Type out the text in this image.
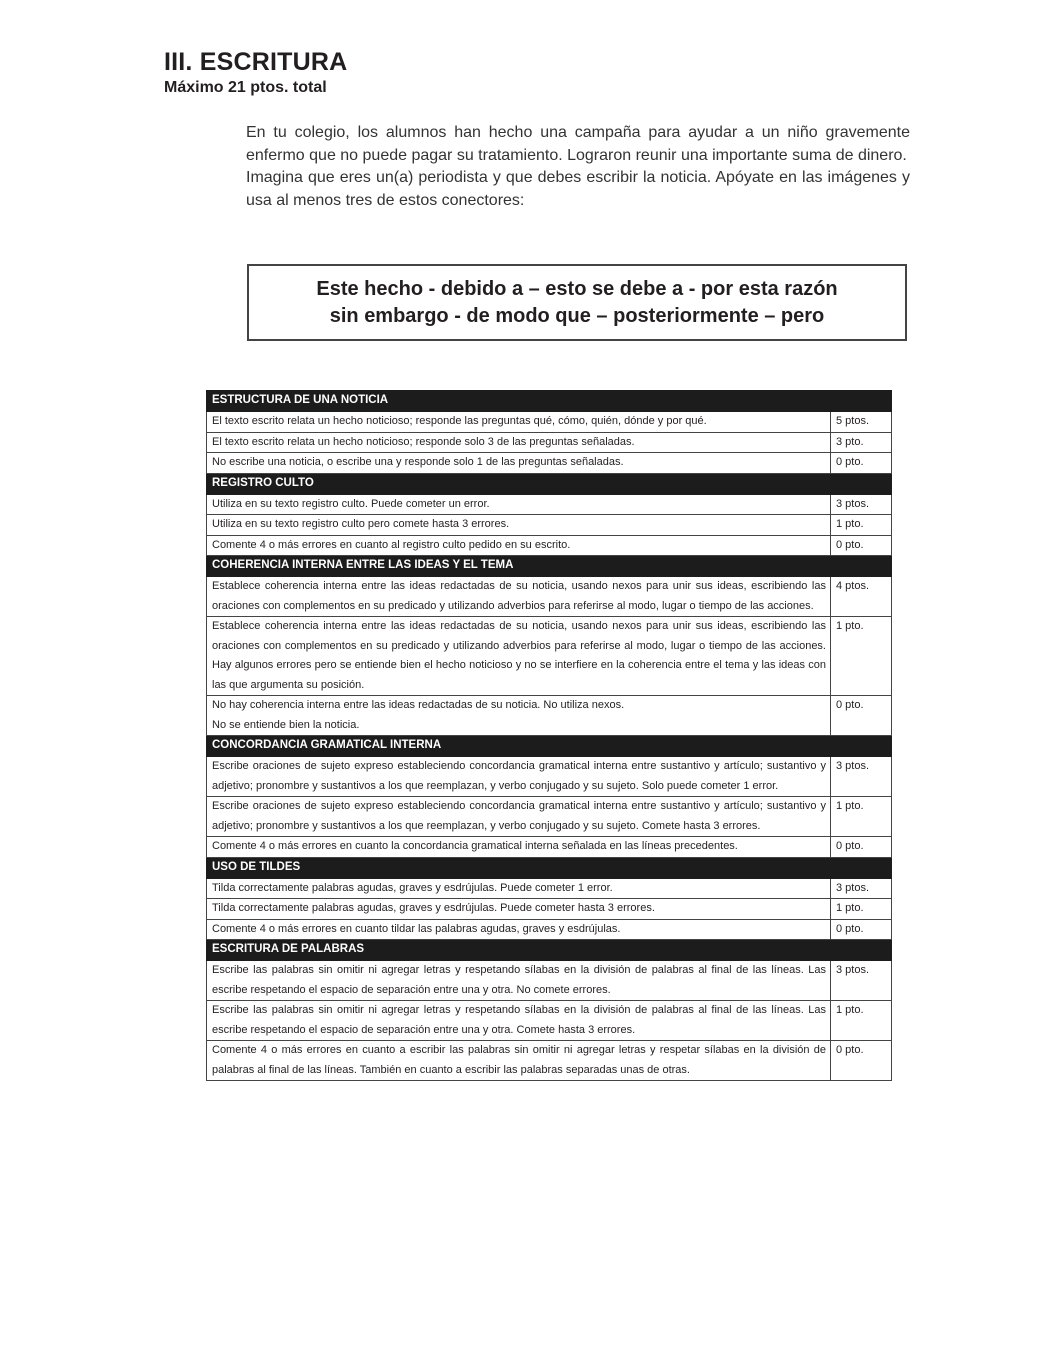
III. ESCRITURA
Máximo 21 ptos. total

En tu colegio, los alumnos han hecho una campaña para ayudar a un niño gravemente enfermo que no puede pagar su tratamiento. Lograron reunir una importante suma de dinero.

Imagina que eres un(a) periodista y que debes escribir la noticia. Apóyate en las imágenes y usa al menos tres de estos conectores:

Este hecho - debido a – esto se debe a - por esta razón
sin embargo - de modo que – posteriormente – pero
ESTRUCTURA DE UNA NOTICIA	

El texto escrito relata un hecho noticioso; responde las preguntas qué, cómo, quién, dónde y por qué.	5 ptos.

El texto escrito relata un hecho noticioso; responde solo 3 de las preguntas señaladas.	3 pto.

No escribe una noticia, o escribe una y responde solo 1 de las preguntas señaladas.	0 pto.
REGISTRO CULTO	

Utiliza en su texto registro culto. Puede cometer un error.	3 ptos.

Utiliza en su texto registro culto pero comete hasta 3 errores.	1 pto.

Comente 4 o más errores en cuanto al registro culto pedido en su escrito.	0 pto.
COHERENCIA INTERNA ENTRE LAS IDEAS Y EL TEMA	

Establece coherencia interna entre las ideas redactadas de su noticia, usando nexos para unir sus ideas, escribiendo las oraciones con complementos en su predicado y utilizando adverbios para referirse al modo, lugar o tiempo de las acciones.	4 ptos.

Establece coherencia interna entre las ideas redactadas de su noticia, usando nexos para unir sus ideas, escribiendo las oraciones con complementos en su predicado y utilizando adverbios para referirse al modo, lugar o tiempo de las acciones. Hay algunos errores pero se entiende bien el hecho noticioso y no se interfiere en la coherencia entre el tema y las ideas con las que argumenta su posición.	1 pto.

No hay coherencia interna entre las ideas redactadas de su noticia. No utiliza nexos.
No se entiende bien la noticia.	0 pto.
CONCORDANCIA GRAMATICAL INTERNA	

Escribe oraciones de sujeto expreso estableciendo concordancia gramatical interna entre sustantivo y artículo; sustantivo y adjetivo; pronombre y sustantivos a los que reemplazan, y verbo conjugado y su sujeto. Solo puede cometer 1 error.	3 ptos.

Escribe oraciones de sujeto expreso estableciendo concordancia gramatical interna entre sustantivo y artículo; sustantivo y adjetivo; pronombre y sustantivos a los que reemplazan, y verbo conjugado y su sujeto. Comete hasta 3 errores.	1 pto.

Comente 4 o más errores en cuanto la concordancia gramatical interna señalada en las líneas precedentes.	0 pto.
USO DE TILDES	

Tilda correctamente palabras agudas, graves y esdrújulas. Puede cometer 1 error.	3 ptos.

Tilda correctamente palabras agudas, graves y esdrújulas. Puede cometer hasta 3 errores.	1 pto.

Comente 4 o más errores en cuanto tildar las palabras agudas, graves y esdrújulas.	0 pto.
ESCRITURA DE PALABRAS	

Escribe las palabras sin omitir ni agregar letras y respetando sílabas en la división de palabras al final de las líneas. Las escribe respetando el espacio de separación entre una y otra. No comete errores.	3 ptos.

Escribe las palabras sin omitir ni agregar letras y respetando sílabas en la división de palabras al final de las líneas. Las escribe respetando el espacio de separación entre una y otra. Comete hasta 3 errores.	1 pto.

Comente 4 o más errores en cuanto a escribir las palabras sin omitir ni agregar letras y respetar sílabas en la división de palabras al final de las líneas. También en cuanto a escribir las palabras separadas unas de otras.	0 pto.
